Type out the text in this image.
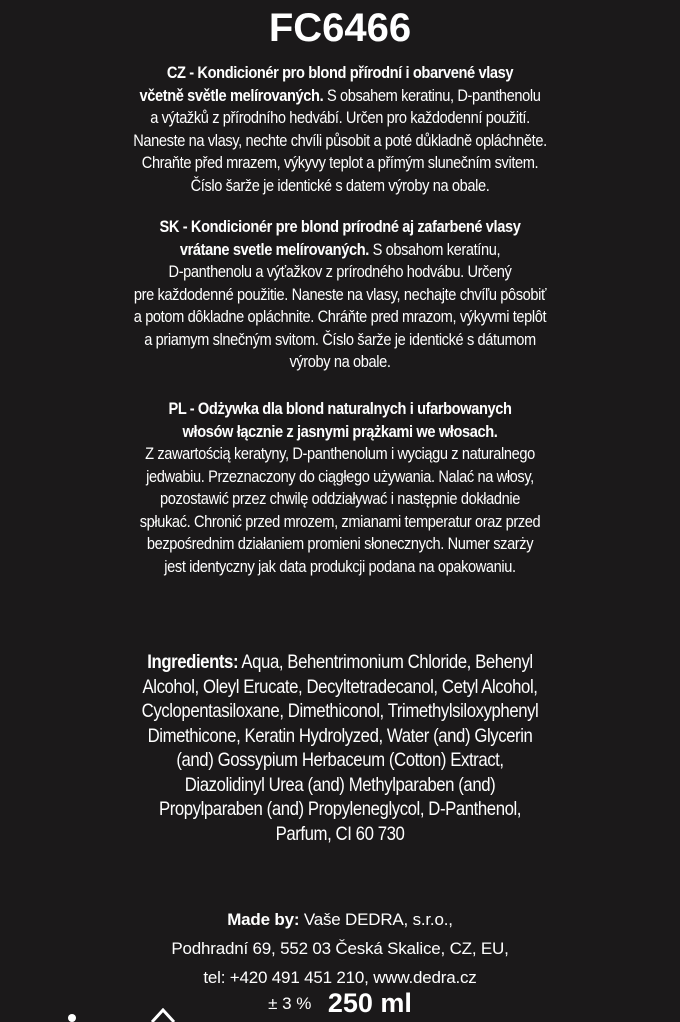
FC6466
CZ - Kondicionér pro blond přírodní i obarvené vlasy
včetně světle melírovaných. S obsahem keratinu, D-panthenolu
a výtažků z přírodního hedvábí. Určen pro každodenní použití.
Naneste na vlasy, nechte chvíli působit a poté důkladně opláchněte.
Chraňte před mrazem, výkyvy teplot a přímým slunečním svitem.
Číslo šarže je identické s datem výroby na obale.
SK - Kondicionér pre blond prírodné aj zafarbené vlasy
vrátane svetle melírovaných. S obsahom keratínu,
D-panthenolu a výťažkov z prírodného hodvábu. Určený
pre každodenné použitie. Naneste na vlasy, nechajte chvíľu pôsobiť
a potom dôkladne opláchnite. Chráňte pred mrazom, výkyvmi teplôt
a priamym slnečným svitom. Číslo šarže je identické s dátumom
výroby na obale.
PL - Odżywka dla blond naturalnych i ufarbowanych
włosów łącznie z jasnymi prążkami we włosach.
Z zawartością keratyny, D-panthenolum i wyciągu z naturalnego
jedwabiu. Przeznaczony do ciągłego używania. Nalać na włosy,
pozostawić przez chwilę oddziaływać i następnie dokładnie
spłukać. Chronić przed mrozem, zmianami temperatur oraz przed
bezpośrednim działaniem promieni słonecznych. Numer szarży
jest identyczny jak data produkcji podana na opakowaniu.
Ingredients: Aqua, Behentrimonium Chloride, Behenyl
Alcohol, Oleyl Erucate, Decyltetradecanol, Cetyl Alcohol,
Cyclopentasiloxane, Dimethiconol, Trimethylsiloxyphenyl
Dimethicone, Keratin Hydrolyzed, Water (and) Glycerin
(and) Gossypium Herbaceum (Cotton) Extract,
Diazolidinyl Urea (and) Methylparaben (and)
Propylparaben (and) Propyleneglycol, D-Panthenol,
Parfum, CI 60 730
Made by: Vaše DEDRA, s.r.o.,
Podhradní 69, 552 03 Česká Skalice, CZ, EU,
tel: +420 491 451 210, www.dedra.cz
± 3 % 250 ml
